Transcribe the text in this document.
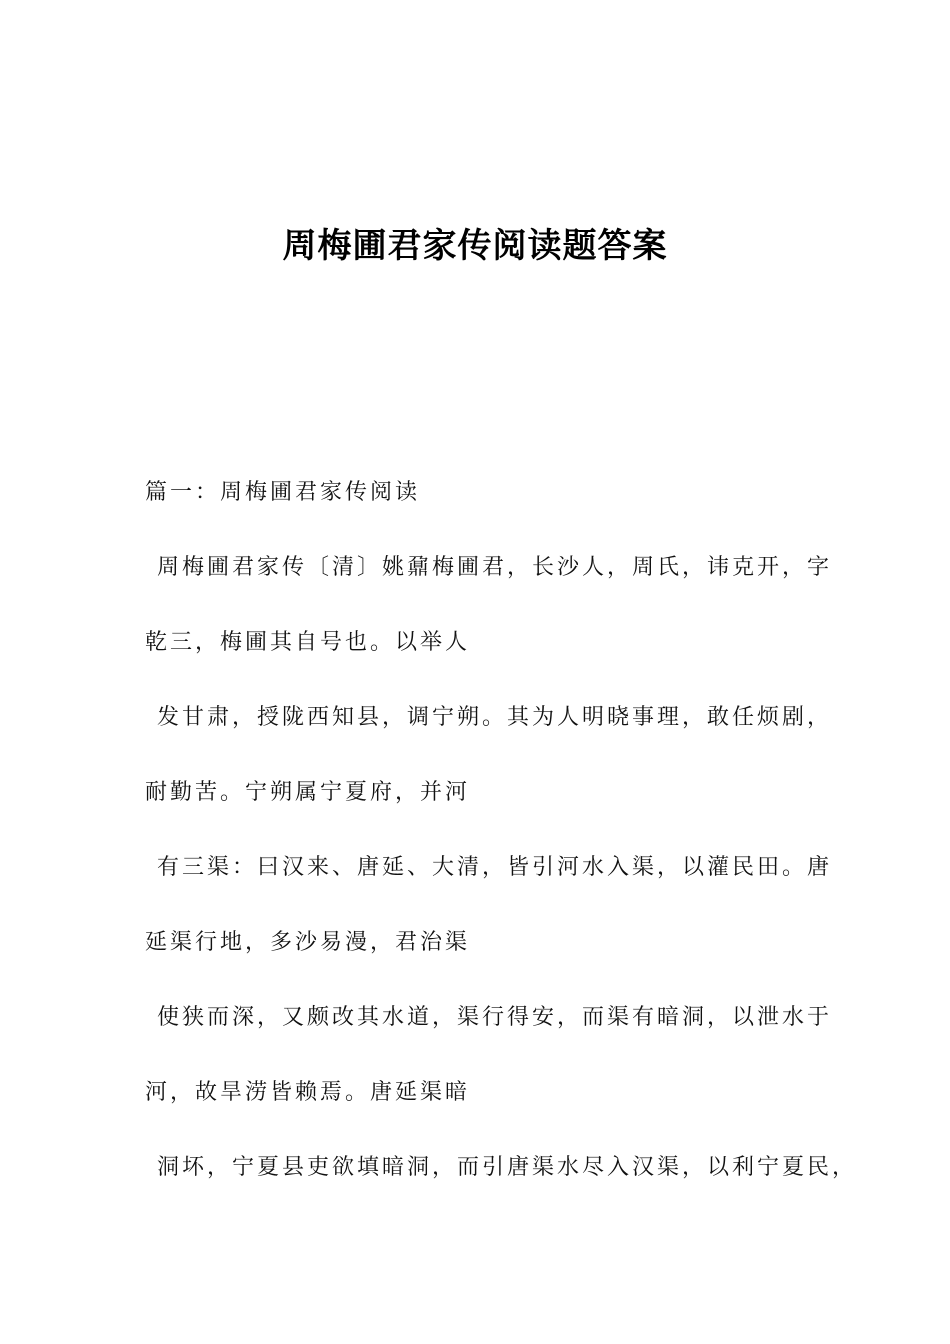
周梅圃君家传阅读题答案
篇一：周梅圃君家传阅读
周梅圃君家传〔清〕姚鼐梅圃君，长沙人，周氏，讳克开，字
乾三，梅圃其自号也。以举人
发甘肃，授陇西知县，调宁朔。其为人明晓事理，敢任烦剧，
耐勤苦。宁朔属宁夏府，并河
有三渠：曰汉来、唐延、大清，皆引河水入渠，以灌民田。唐
延渠行地，多沙易漫，君治渠
使狭而深，又颇改其水道，渠行得安，而渠有暗洞，以泄水于
河，故旱涝皆赖焉。唐延渠暗
洞坏，宁夏县吏欲填暗洞，而引唐渠水尽入汉渠，以利宁夏民，
